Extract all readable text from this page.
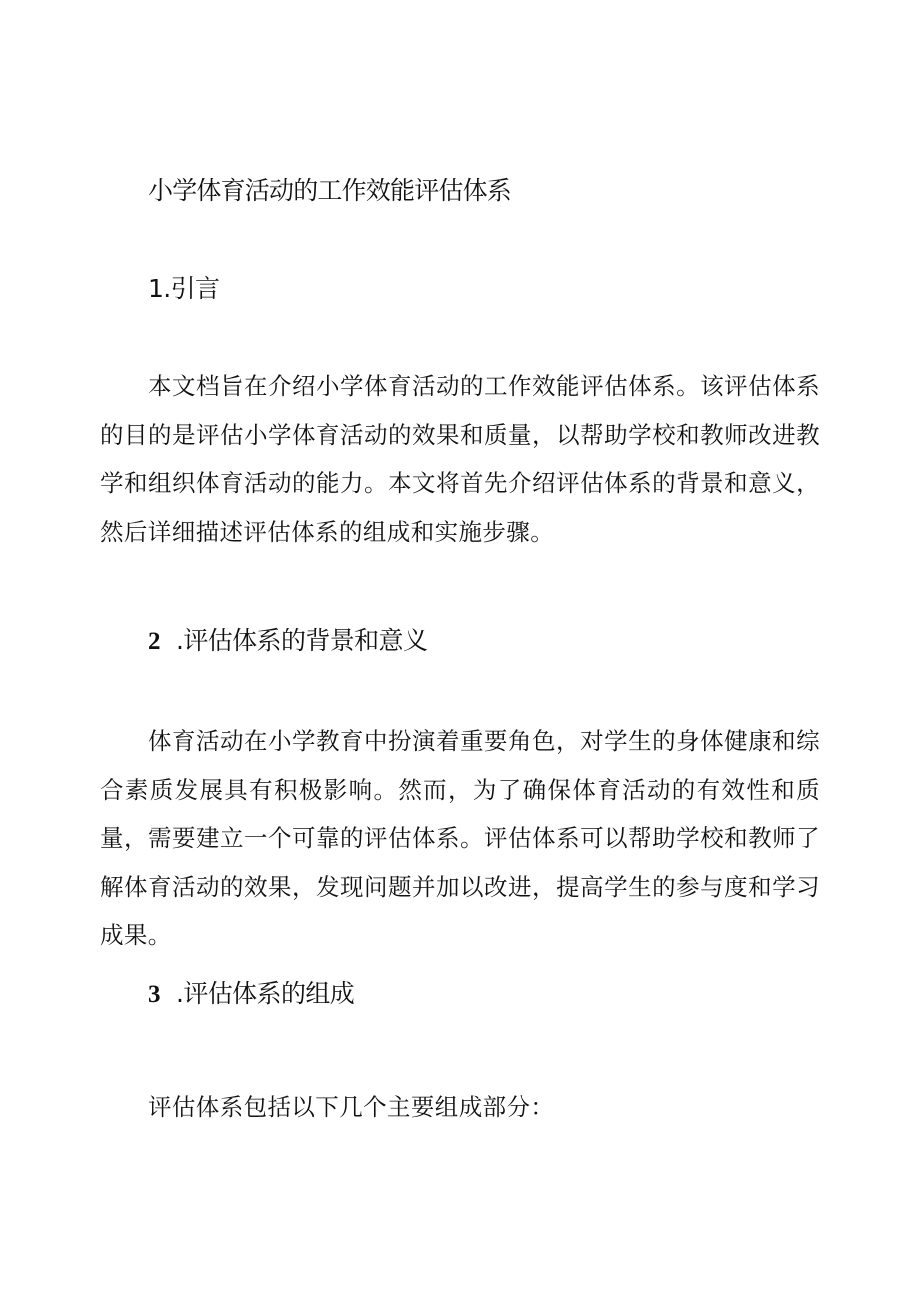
小学体育活动的工作效能评估体系
1.引言

本文档旨在介绍小学体育活动的工作效能评估体系。该评估体系的目的是评估小学体育活动的效果和质量，以帮助学校和教师改进教学和组织体育活动的能力。本文将首先介绍评估体系的背景和意义，然后详细描述评估体系的组成和实施步骤。

2 .评估体系的背景和意义

体育活动在小学教育中扮演着重要角色，对学生的身体健康和综合素质发展具有积极影响。然而，为了确保体育活动的有效性和质量，需要建立一个可靠的评估体系。评估体系可以帮助学校和教师了解体育活动的效果，发现问题并加以改进，提高学生的参与度和学习成果。

3 .评估体系的组成

评估体系包括以下几个主要组成部分：
